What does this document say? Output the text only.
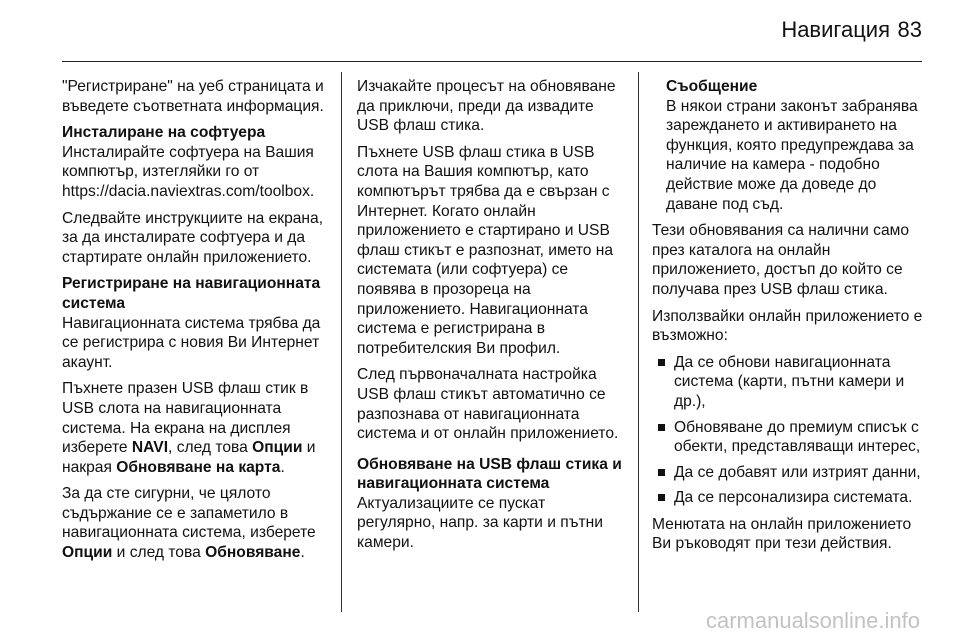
Навигация 83

"Регистриране" на уеб страницата и въведете съответната информация.

Инсталиране на софтуера
Инсталирайте софтуера на Вашия компютър, изтегляйки го от https://dacia.naviextras.com/toolbox.

Следвайте инструкциите на екрана, за да инсталирате софтуера и да стартирате онлайн приложението.

Регистриране на навигационната система
Навигационната система трябва да се регистрира с новия Ви Интернет акаунт.

Пъхнете празен USB флаш стик в USB слота на навигационната система. На екрана на дисплея изберете NAVI, след това Опции и накрая Обновяване на карта.

За да сте сигурни, че цялото съдържание се е запаметило в навигационната система, изберете Опции и след това Обновяване.

Изчакайте процесът на обновяване да приключи, преди да извадите USB флаш стика.

Пъхнете USB флаш стика в USB слота на Вашия компютър, като компютърът трябва да е свързан с Интернет. Когато онлайн приложението е стартирано и USB флаш стикът е разпознат, името на системата (или софтуера) се появява в прозореца на приложението. Навигационната система е регистрирана в потребителския Ви профил.

След първоначалната настройка USB флаш стикът автоматично се разпознава от навигационната система и от онлайн приложението.

Обновяване на USB флаш стика и навигационната система
Актуализациите се пускат регулярно, напр. за карти и пътни камери.

Съобщение
В някои страни законът забранява зареждането и активирането на функция, която предупреждава за наличие на камера - подобно действие може да доведе до даване под съд.

Тези обновявания са налични само през каталога на онлайн приложението, достъп до който се получава през USB флаш стика.

Използвайки онлайн приложението е възможно:

Да се обнови навигационната система (карти, пътни камери и др.),
Обновяване до премиум списък с обекти, представляващи интерес,
Да се добавят или изтрият данни,
Да се персонализира системата.

Менютата на онлайн приложението Ви ръководят при тези действия.

carmanualsonline.info
